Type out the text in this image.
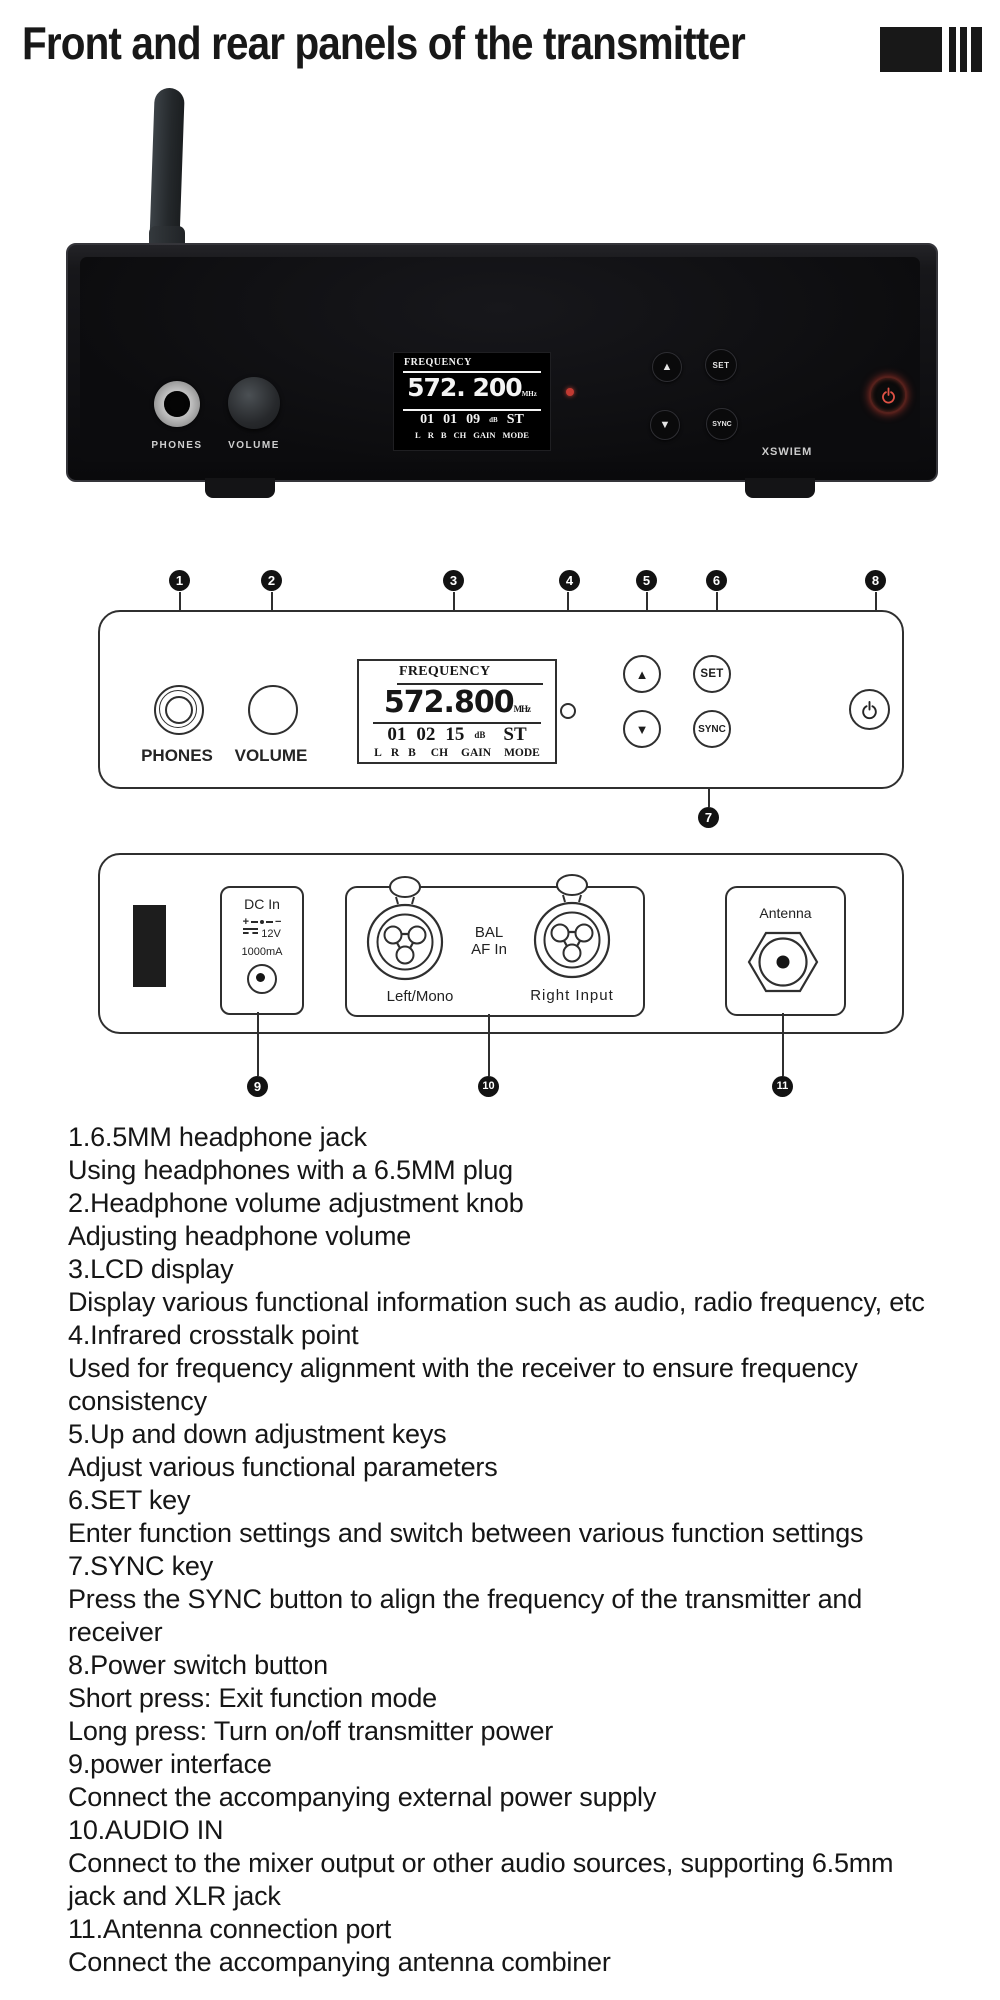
Front and rear panels of the transmitter
PHONES	VOLUME
FREQUENCY
572. 200MHz
01 01 09 dB ST
L R B CH GAIN MODE
▲	SET
▼	SYNC
XSWIEM
1	2	3	4	5	6	8
7
PHONES	VOLUME
FREQUENCY
572.800MHz
01 02 15 dB ST
L R B CH GAIN MODE
▲	SET
▼	SYNC
DC In
+ −
12V
1000mA
BAL
AF In
Left/Mono	Right Input
Antenna
9	10	11
1.6.5MM headphone jack
Using headphones with a 6.5MM plug
2.Headphone volume adjustment knob
Adjusting headphone volume
3.LCD display
Display various functional information such as audio, radio frequency, etc
4.Infrared crosstalk point
Used for frequency alignment with the receiver to ensure frequency
consistency
5.Up and down adjustment keys
Adjust various functional parameters
6.SET key
Enter function settings and switch between various function settings
7.SYNC key
Press the SYNC button to align the frequency of the transmitter and
receiver
8.Power switch button
Short press: Exit function mode
Long press: Turn on/off transmitter power
9.power interface
Connect the accompanying external power supply
10.AUDIO IN
Connect to the mixer output or other audio sources, supporting 6.5mm
jack and XLR jack
11.Antenna connection port
Connect the accompanying antenna combiner
